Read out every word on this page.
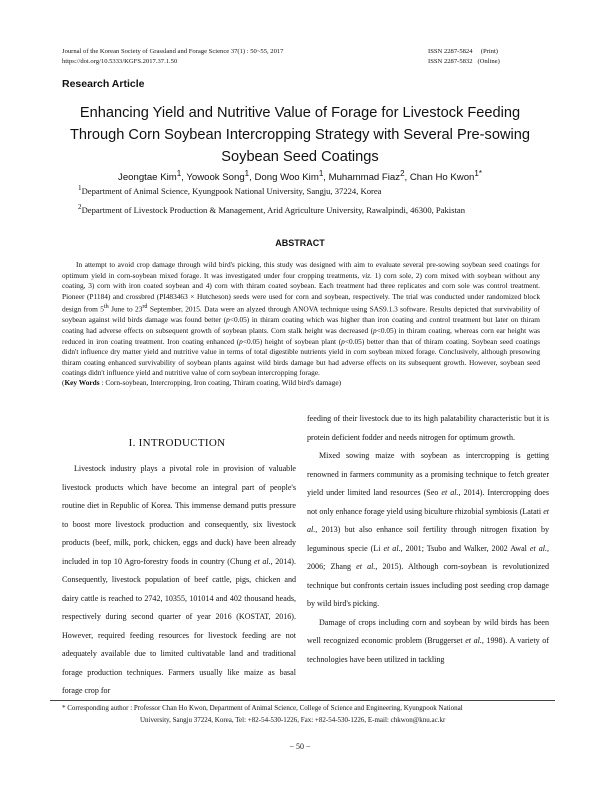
Journal of the Korean Society of Grassland and Forage Science 37(1) : 50~55, 2017
https://doi.org/10.5333/KGFS.2017.37.1.50
ISSN 2287-5824 (Print)
ISSN 2287-5832 (Online)
Research Article
Enhancing Yield and Nutritive Value of Forage for Livestock Feeding
Through Corn Soybean Intercropping Strategy with Several Pre-sowing
Soybean Seed Coatings
Jeongtae Kim$^1$, Yowook Song$^1$, Dong Woo Kim$^1$, Muhammad Fiaz$^2$, Chan Ho Kwon$^{1*}$
$^1$Department of Animal Science, Kyungpook National University, Sangju, 37224, Korea
$^2$Department of Livestock Production & Management, Arid Agriculture University, Rawalpindi, 46300, Pakistan
ABSTRACT

In attempt to avoid crop damage through wild bird's picking, this study was designed with aim to evaluate several pre-sowing soybean seed coatings for optimum yield in corn-soybean mixed forage. It was investigated under four cropping treatments, viz. 1) corn sole, 2) corn mixed with soybean without any coating, 3) corn with iron coated soybean and 4) corn with thiram coated soybean. Each treatment had three replicates and corn sole was control treatment. Pioneer (P1184) and crossbred (PI483463 × Hutcheson) seeds were used for corn and soybean, respectively. The trial was conducted under randomized block design from 5th June to 23rd September, 2015. Data were an alyzed through ANOVA technique using SAS9.1.3 software. Results depicted that survivability of soybean against wild birds damage was found better (p<0.05) in thiram coating which was higher than iron coating and control treatment but later on thiram coating had adverse effects on subsequent growth of soybean plants. Corn stalk height was decreased (p<0.05) in thiram coating, whereas corn ear height was reduced in iron coating treatment. Iron coating enhanced (p<0.05) height of soybean plant (p<0.05) better than that of thiram coating. Soybean seed coatings didn't influence dry matter yield and nutritive value in terms of total digestible nutrients yield in corn soybean mixed forage. Conclusively, although presowing thiram coating enhanced survivability of soybean plants against wild birds damage but had adverse effects on its subsequent growth. However, soybean seed coatings didn't influence yield and nutritive value of corn soybean intercropping forage.

(Key Words : Corn-soybean, Intercropping, Iron coating, Thiram coating, Wild bird's damage)

I. INTRODUCTION

Livestock industry plays a pivotal role in provision of valuable livestock products which have become an integral part of people's routine diet in Republic of Korea. This immense demand putts pressure to boost more livestock production and consequently, six livestock products (beef, milk, pork, chicken, eggs and duck) have been already included in top 10 Agro-forestry foods in country (Chung et al., 2014). Consequently, livestock population of beef cattle, pigs, chicken and dairy cattle is reached to 2742, 10355, 101014 and 402 thousand heads, respectively during second quarter of year 2016 (KOSTAT, 2016). However, required feeding resources for livestock feeding are not adequately available due to limited cultivatable land and traditional forage production techniques. Farmers usually like maize as basal forage crop for

feeding of their livestock due to its high palatability characteristic but it is protein deficient fodder and needs nitrogen for optimum growth.

Mixed sowing maize with soybean as intercropping is getting renowned in farmers community as a promising technique to fetch greater yield under limited land resources (Seo et al., 2014). Intercropping does not only enhance forage yield using biculture rhizobial symbiosis (Latati et al., 2013) but also enhance soil fertility through nitrogen fixation by leguminous specie (Li et al., 2001; Tsubo and Walker, 2002 Awal et al., 2006; Zhang et al., 2015). Although corn-soybean is revolutionized technique but confronts certain issues including post seeding crop damage by wild bird's picking.

Damage of crops including corn and soybean by wild birds has been well recognized economic problem (Bruggerset et al., 1998). A variety of technologies have been utilized in tackling

* Corresponding author : Professor Chan Ho Kwon, Department of Animal Science, College of Science and Engineering, Kyungpook National
University, Sangju 37224, Korea, Tel: +82-54-530-1226, Fax: +82-54-530-1226, E-mail: chkwon@knu.ac.kr
− 50 −
